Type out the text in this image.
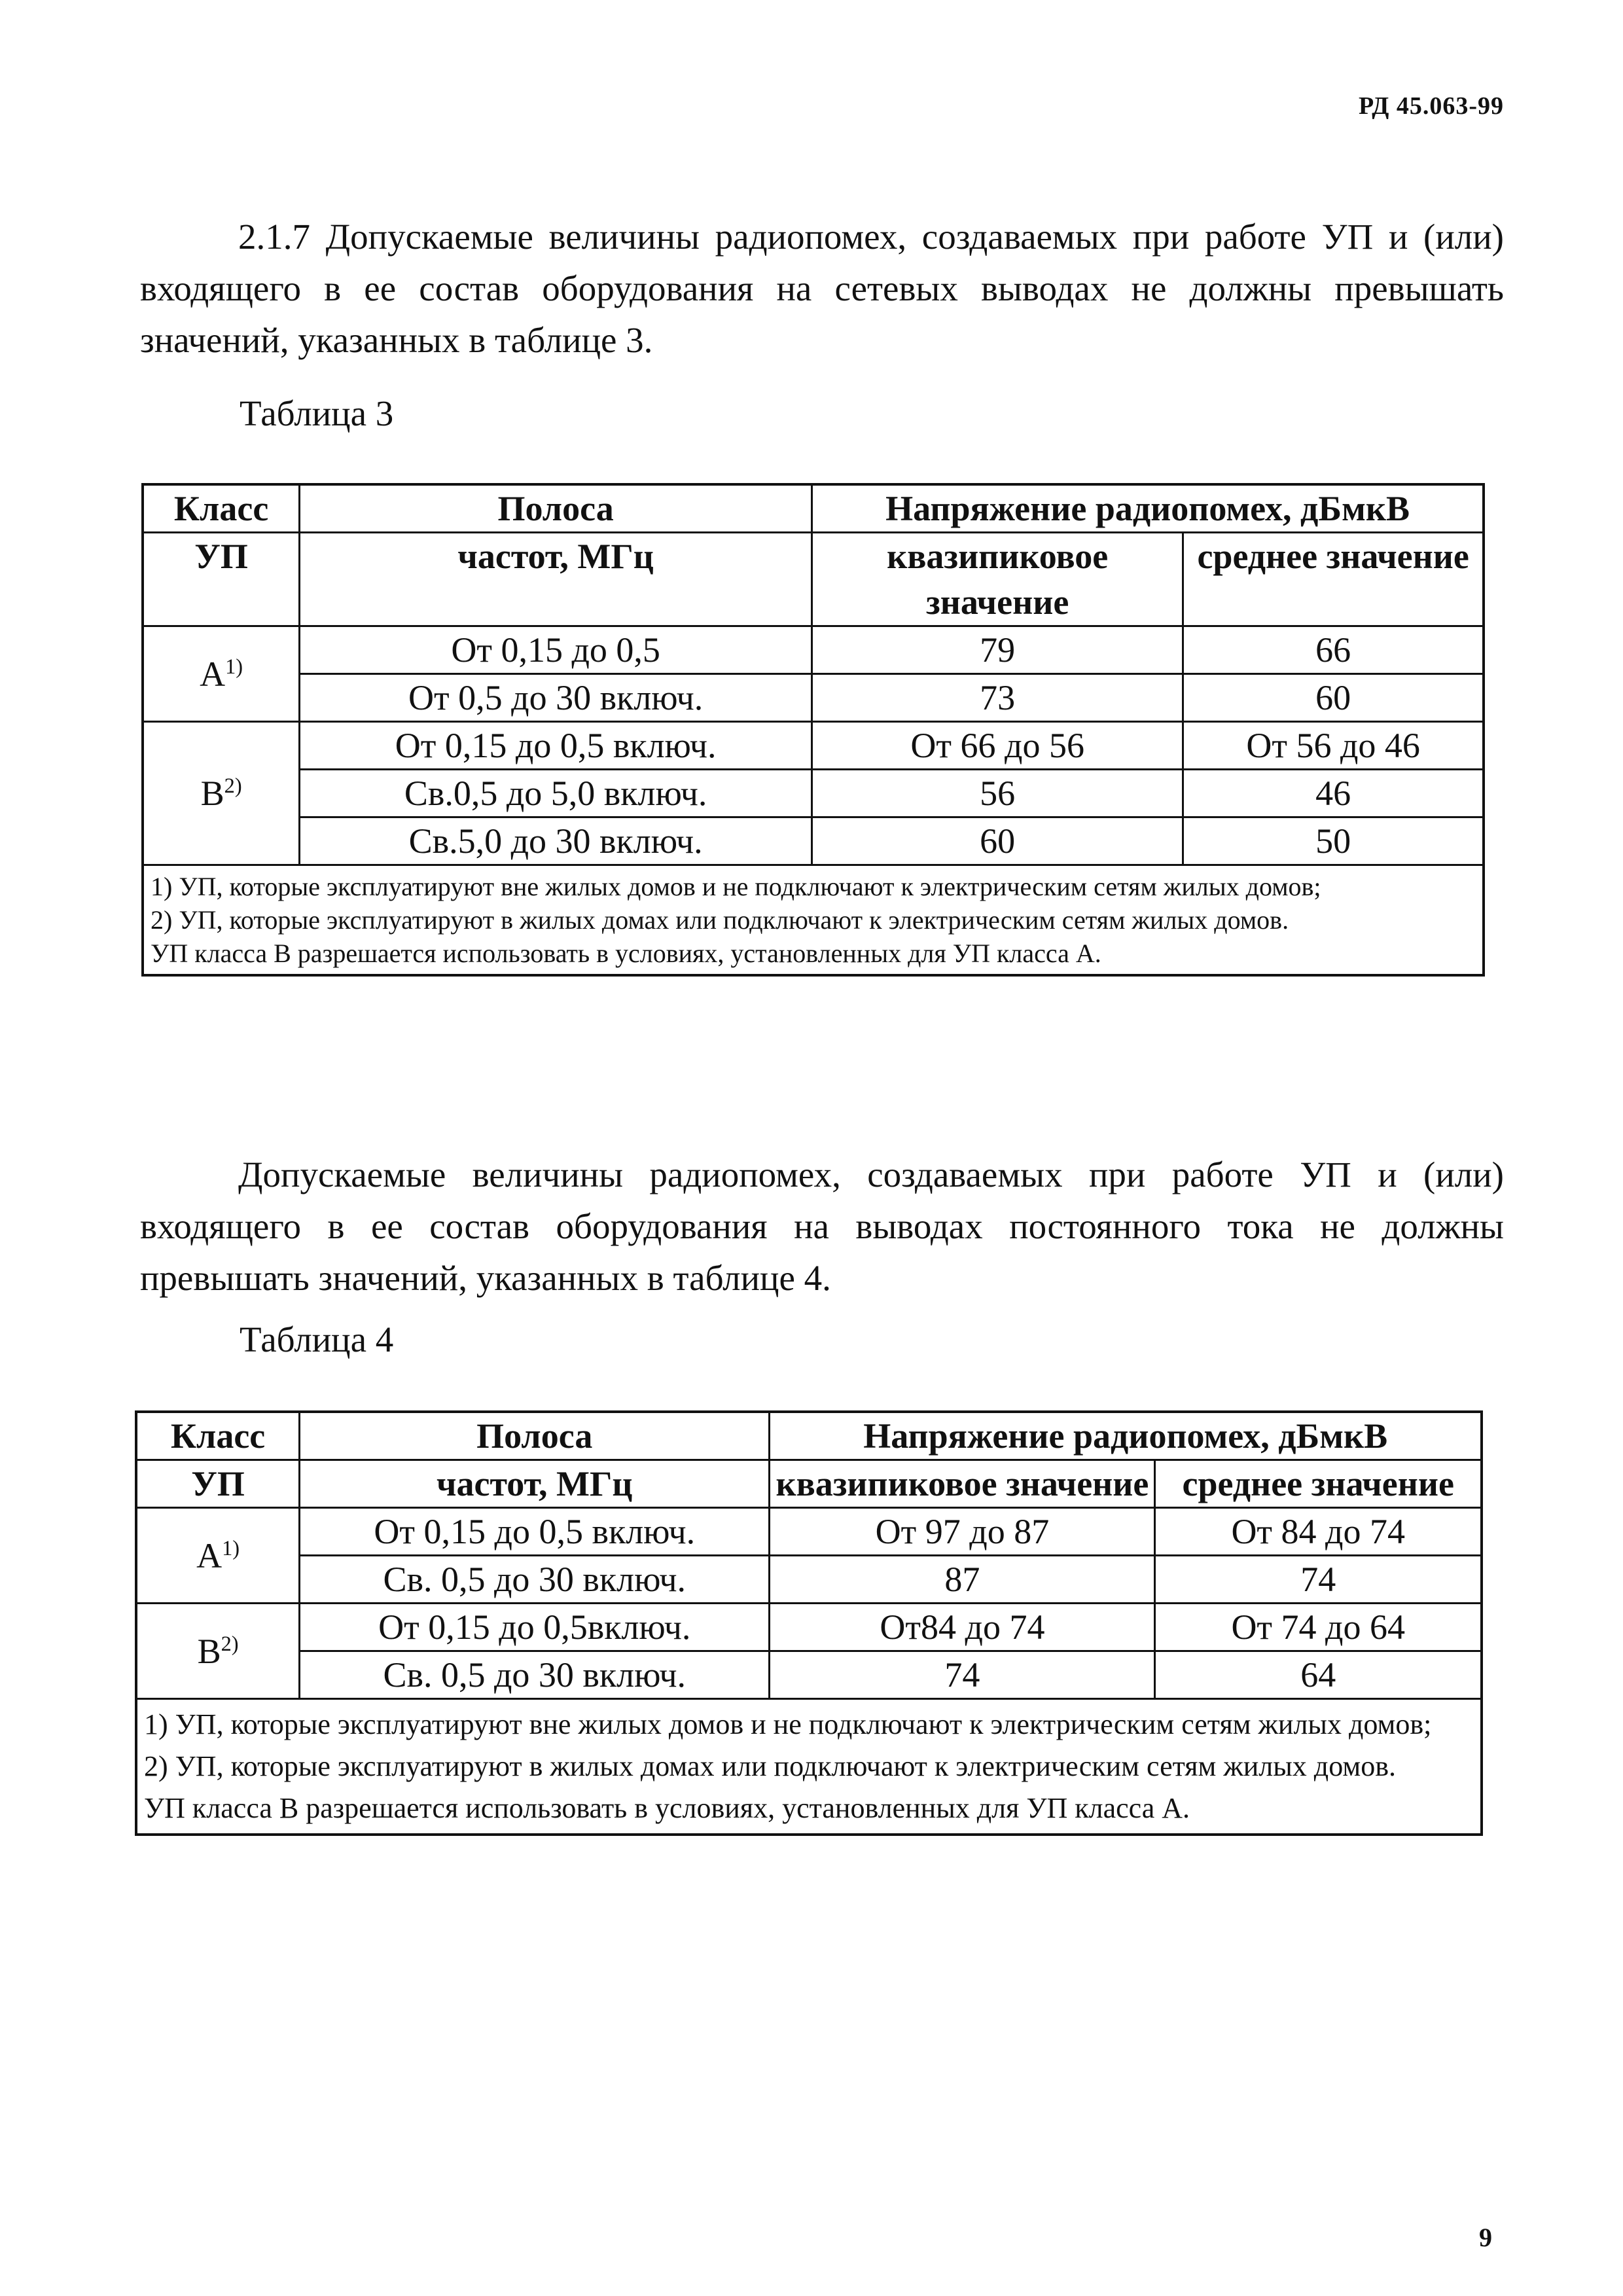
РД 45.063-99

2.1.7 Допускаемые величины радиопомех, создаваемых при работе УП и (или) входящего в ее состав оборудования на сетевых выводах не должны превышать значений, указанных в таблице 3.

Таблица 3

Класс	Полоса	Напряжение радиопомех, дБмкВ	
УП	частот, МГц	квазипиковое значение	среднее значение
$A^{1)}$	От 0,15 до 0,5	79	66
	От 0,5 до 30 включ.	73	60
$B^{2)}$	От 0,15 до 0,5 включ.	От 66 до 56	От 56 до 46
	Св.0,5 до 5,0 включ.	56	46
	Св.5,0 до 30 включ.	60	50

1) УП, которые эксплуатируют вне жилых домов и не подключают к электрическим сетям жилых домов;
2) УП, которые эксплуатируют в жилых домах или подключают к электрическим сетям жилых домов.
УП класса B разрешается использовать в условиях, установленных для УП класса A.			

Допускаемые величины радиопомех, создаваемых при работе УП и (или) входящего в ее состав оборудования на выводах постоянного тока не должны превышать значений, указанных в таблице 4.

Таблица 4

Класс	Полоса	Напряжение радиопомех, дБмкВ	
УП	частот, МГц	квазипиковое значение	среднее значение
$A^{1)}$	От 0,15 до 0,5 включ.	От 97 до 87	От 84 до 74
	Св. 0,5 до 30 включ.	87	74
$B^{2)}$	От 0,15 до 0,5включ.	От84 до 74	От 74 до 64
	Св. 0,5 до 30 включ.	74	64

1) УП, которые эксплуатируют вне жилых домов и не подключают к электрическим сетям жилых домов;
2) УП, которые эксплуатируют в жилых домах или подключают к электрическим сетям жилых домов.
УП класса B разрешается использовать в условиях, установленных для УП класса A.			
9
